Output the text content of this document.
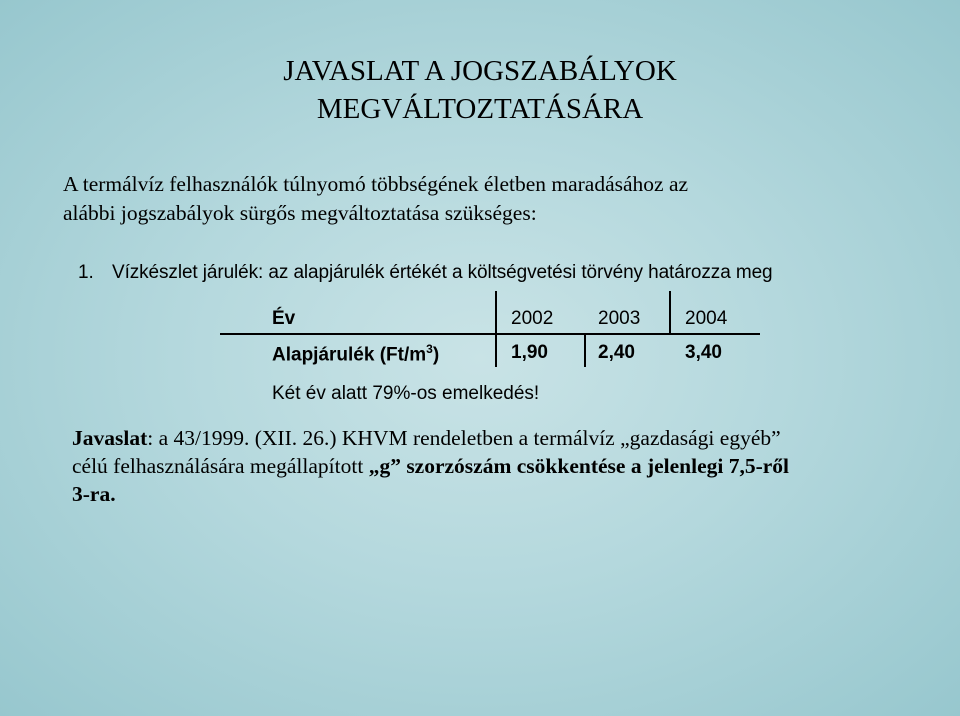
JAVASLAT A JOGSZABÁLYOK
MEGVÁLTOZTATÁSÁRA
A termálvíz felhasználók túlnyomó többségének életben maradásához az
alábbi jogszabályok sürgős megváltoztatása szükséges:
1. Vízkészlet járulék: az alapjárulék értékét a költségvetési törvény határozza meg
Év	2002 2003 2004
Alapjárulék $(Ft/m^3)$	1,90	2,40	3,40
Két év alatt 79%-os emelkedés!
Javaslat: a 43/1999. (XII. 26.) KHVM rendeletben a termálvíz „gazdasági egyéb”
célú felhasználására megállapított „g” szorzószám csökkentése a jelenlegi 7,5-ről
3-ra.
